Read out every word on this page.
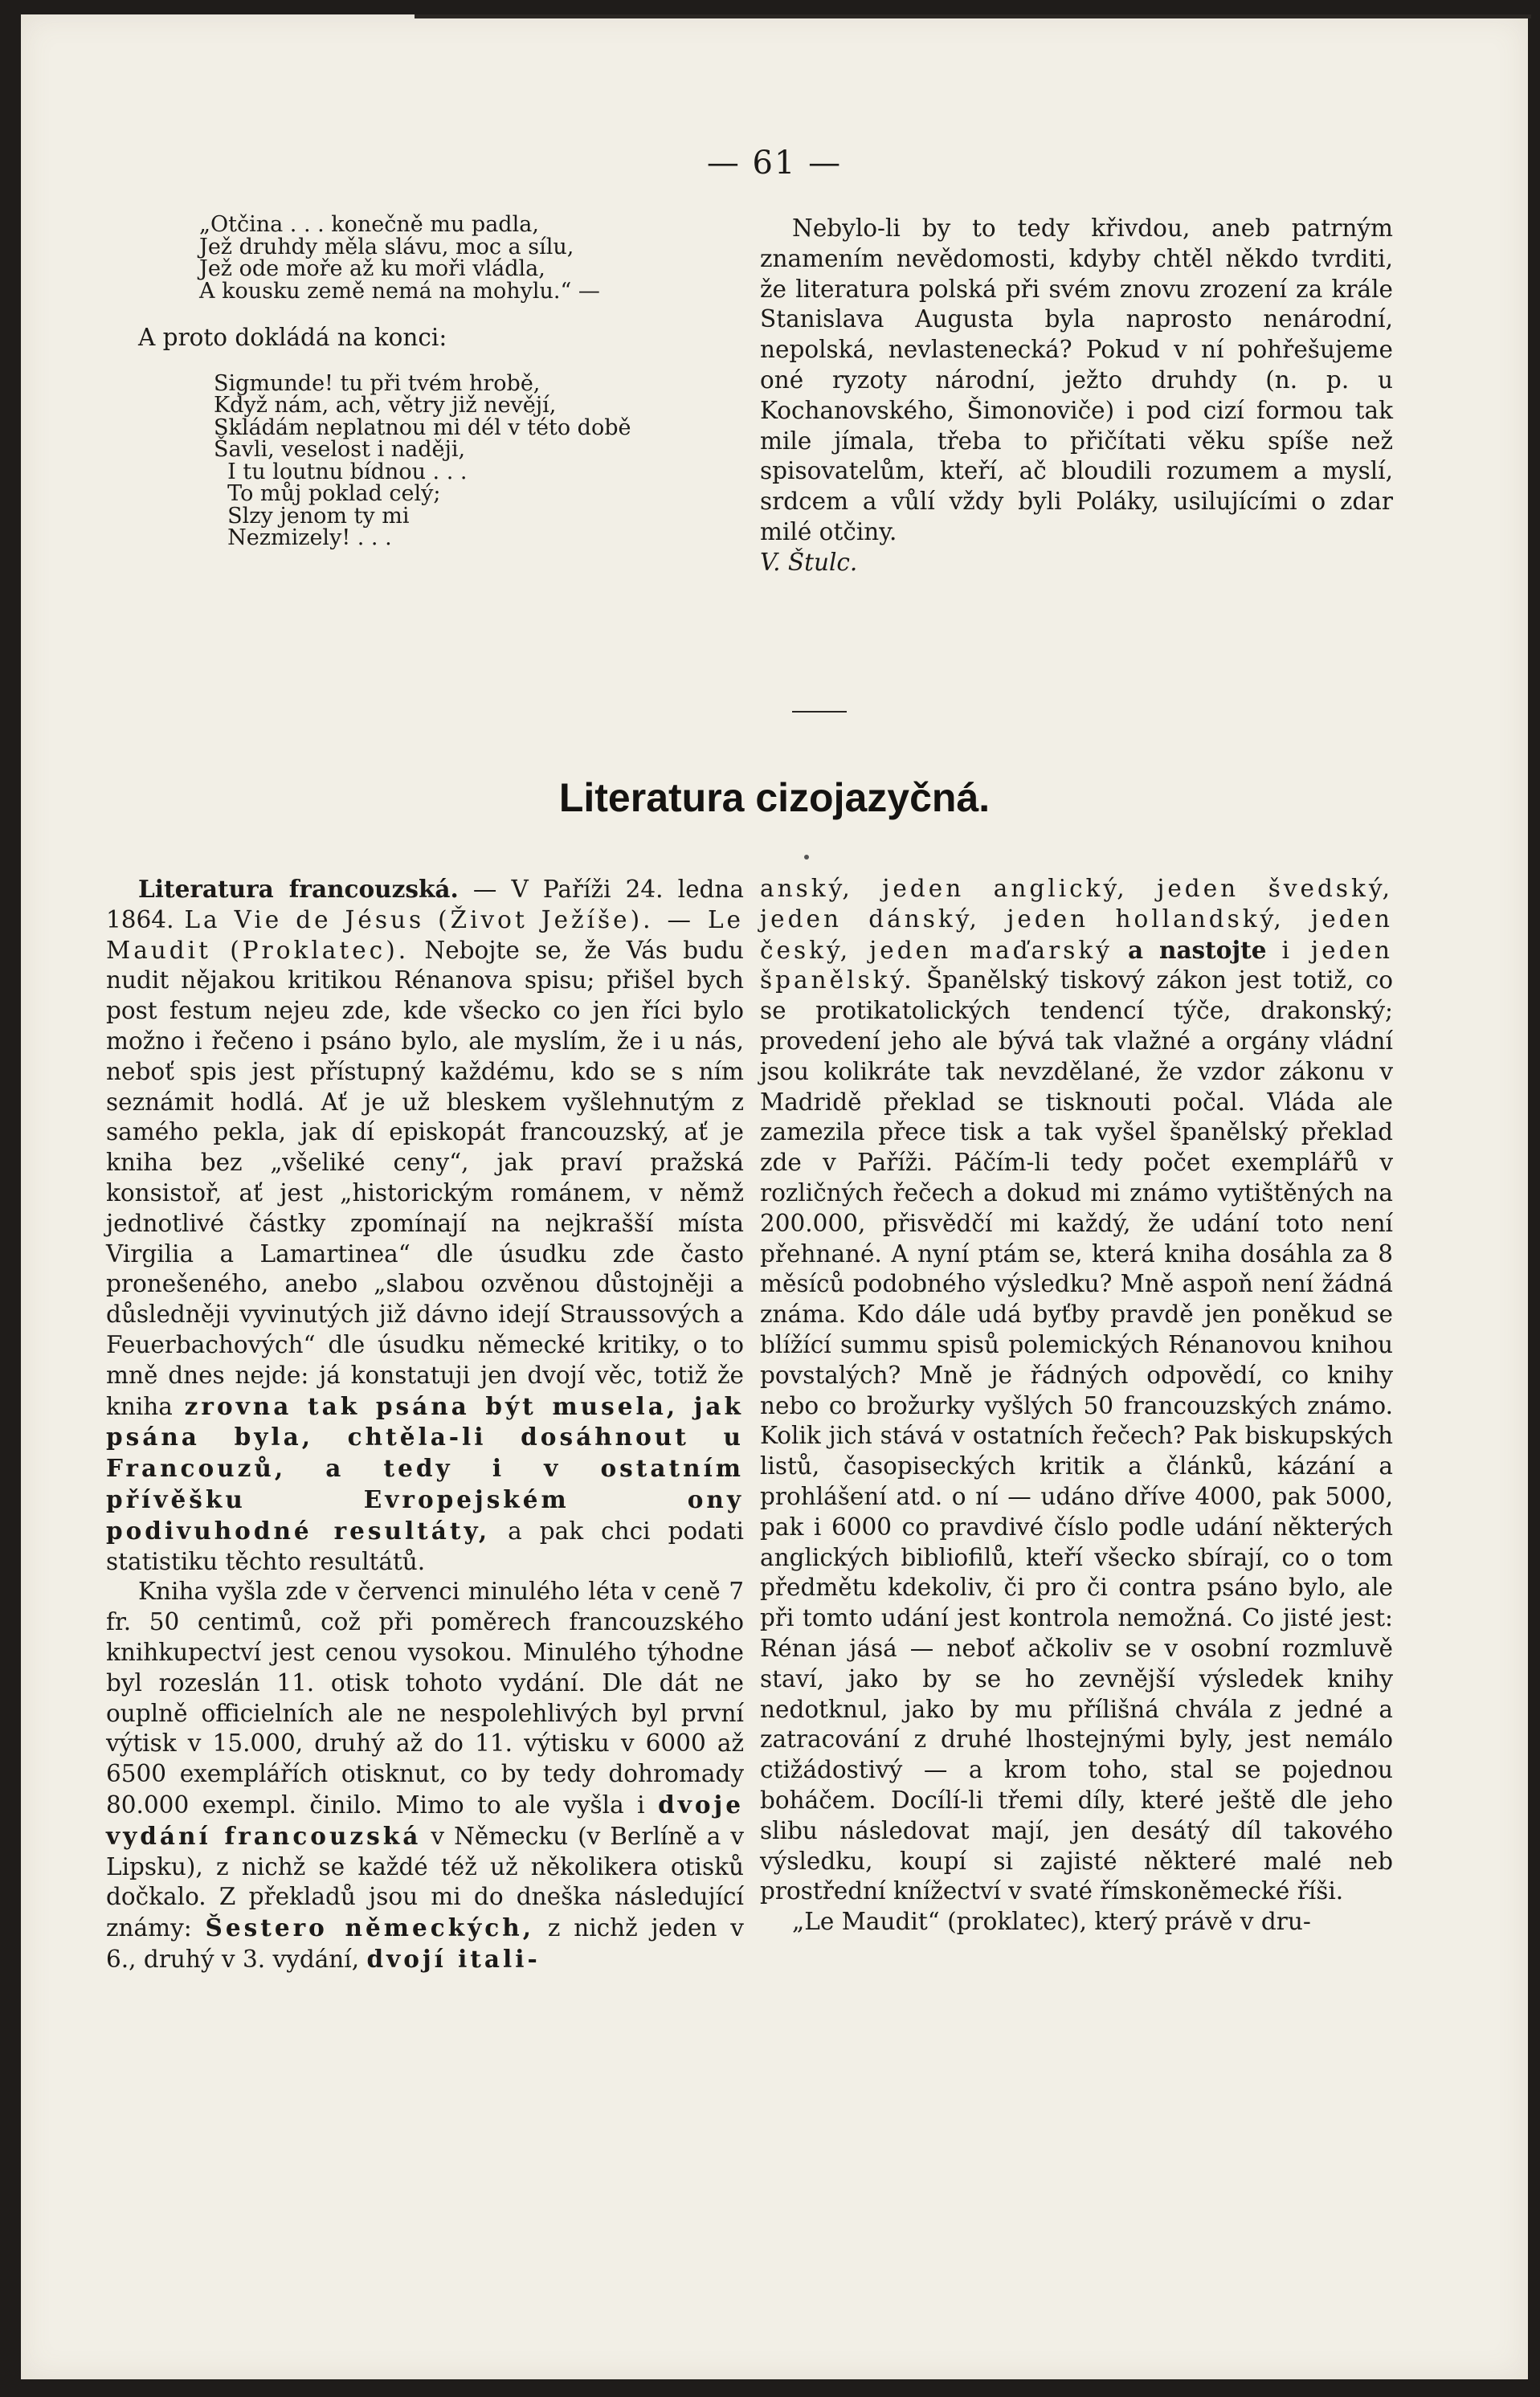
— 61 —
„Otčina . . . konečně mu padla,
Jež druhdy měla slávu, moc a sílu,
Jež ode moře až ku moři vládla,
A kousku země nemá na mohylu.“ —

A proto dokládá na konci:

Sigmunde! tu při tvém hrobě,
Když nám, ach, větry již nevějí,
Skládám neplatnou mi dél v této době
Šavli, veselost i naději,
I tu loutnu bídnou . . .
To můj poklad celý;
Slzy jenom ty mi
Nezmizely! . . .

Nebylo-li by to tedy křivdou, aneb patrným znamením nevědomosti, kdyby chtěl někdo tvrditi, že literatura polská při svém znovu zrození za krále Stanislava Augusta byla naprosto nenárodní, nepolská, nevlastenecká? Pokud v ní pohřešujeme oné ryzoty národní, ježto druhdy (n. p. u Kochanovského, Šimonoviče) i pod cizí formou tak mile jímala, třeba to přičítati věku spíše než spisovatelům, kteří, ač bloudili rozumem a myslí, srdcem a vůlí vždy byli Poláky, usilujícími o zdar milé otčiny.

V. Štulc.

Literatura cizojazyčná.

Literatura francouzská. — V Paříži 24. ledna 1864. La Vie de Jésus (Život Ježíše). — Le Maudit (Proklatec). Nebojte se, že Vás budu nudit nějakou kritikou Rénanova spisu; přišel bych post festum nejeu zde, kde všecko co jen říci bylo možno i řečeno i psáno bylo, ale myslím, že i u nás, neboť spis jest přístupný každému, kdo se s ním seznámit hodlá. Ať je už bleskem vyšlehnutým z samého pekla, jak dí episkopát francouzský, ať je kniha bez „všeliké ceny“, jak praví pražská konsistoř, ať jest „historickým románem, v němž jednotlivé částky zpomínají na nejkrašší místa Virgilia a Lamartinea“ dle úsudku zde často pronešeného, anebo „slabou ozvěnou důstojněji a důsledněji vyvinutých již dávno idejí Straussových a Feuerbachových“ dle úsudku německé kritiky, o to mně dnes nejde: já konstatuji jen dvojí věc, totiž že kniha zrovna tak psána být musela, jak psána byla, chtěla-li dosáhnout u Francouzů, a tedy i v ostatním přívěšku Evropejském ony podivuhodné resultáty, a pak chci podati statistiku těchto resultátů.

Kniha vyšla zde v červenci minulého léta v ceně 7 fr. 50 centimů, což při poměrech francouzského knihkupectví jest cenou vysokou. Minulého týhodne byl rozeslán 11. otisk tohoto vydání. Dle dát ne ouplně officielních ale ne nespolehlivých byl první výtisk v 15.000, druhý až do 11. výtisku v 6000 až 6500 exemplářích otisknut, co by tedy dohromady 80.000 exempl. činilo. Mimo to ale vyšla i dvoje vydání francouzská v Německu (v Berlíně a v Lipsku), z nichž se každé též už několikera otisků dočkalo. Z překladů jsou mi do dneška následující známy: Šestero německých, z nichž jeden v 6., druhý v 3. vydání, dvojí itali-

anský, jeden anglický, jeden švedský, jeden dánský, jeden hollandský, jeden český, jeden maďarský a nastojte i jeden španělský. Španělský tiskový zákon jest totiž, co se protikatolických tendencí týče, drakonský; provedení jeho ale bývá tak vlažné a orgány vládní jsou kolikráte tak nevzdělané, že vzdor zákonu v Madridě překlad se tisknouti počal. Vláda ale zamezila přece tisk a tak vyšel španělský překlad zde v Paříži. Páčím-li tedy počet exemplářů v rozličných řečech a dokud mi známo vytištěných na 200.000, přisvědčí mi každý, že udání toto není přehnané. A nyní ptám se, která kniha dosáhla za 8 měsíců podobného výsledku? Mně aspoň není žádná známa. Kdo dále udá byťby pravdě jen poněkud se blížící summu spisů polemických Rénanovou knihou povstalých? Mně je řádných odpovědí, co knihy nebo co brožurky vyšlých 50 francouzských známo. Kolik jich stává v ostatních řečech? Pak biskupských listů, časopiseckých kritik a článků, kázání a prohlášení atd. o ní — udáno dříve 4000, pak 5000, pak i 6000 co pravdivé číslo podle udání některých anglických bibliofilů, kteří všecko sbírají, co o tom předmětu kdekoliv, či pro či contra psáno bylo, ale při tomto udání jest kontrola nemožná. Co jisté jest: Rénan jásá — neboť ačkoliv se v osobní rozmluvě staví, jako by se ho zevnější výsledek knihy nedotknul, jako by mu přílišná chvála z jedné a zatracování z druhé lhostejnými byly, jest nemálo ctižádostivý — a krom toho, stal se pojednou boháčem. Docílí-li třemi díly, které ještě dle jeho slibu následovat mají, jen desátý díl takového výsledku, koupí si zajisté některé malé neb prostřední knížectví v svaté římskoněmecké říši.

„Le Maudit“ (proklatec), který právě v dru-
